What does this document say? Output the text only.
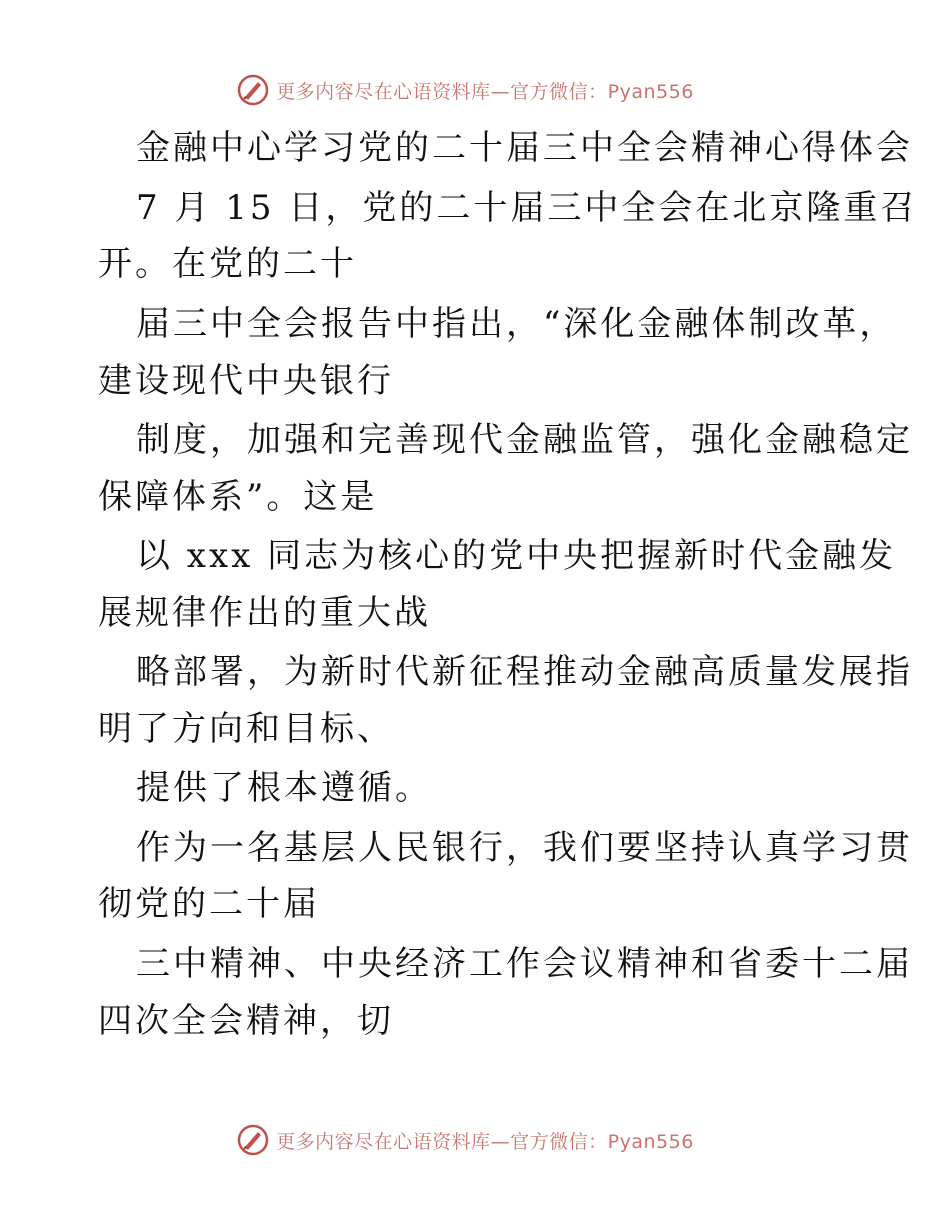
更多内容尽在心语资料库—官方微信：Pyan556
金融中心学习党的二十届三中全会精神心得体会
7 月 15 日，党的二十届三中全会在北京隆重召
开。在党的二十
届三中全会报告中指出，“深化金融体制改革，
建设现代中央银行
制度，加强和完善现代金融监管，强化金融稳定
保障体系”。这是
以 xxx 同志为核心的党中央把握新时代金融发
展规律作出的重大战
略部署，为新时代新征程推动金融高质量发展指
明了方向和目标、
提供了根本遵循。
作为一名基层人民银行，我们要坚持认真学习贯
彻党的二十届
三中精神、中央经济工作会议精神和省委十二届
四次全会精神，切
更多内容尽在心语资料库—官方微信：Pyan556
